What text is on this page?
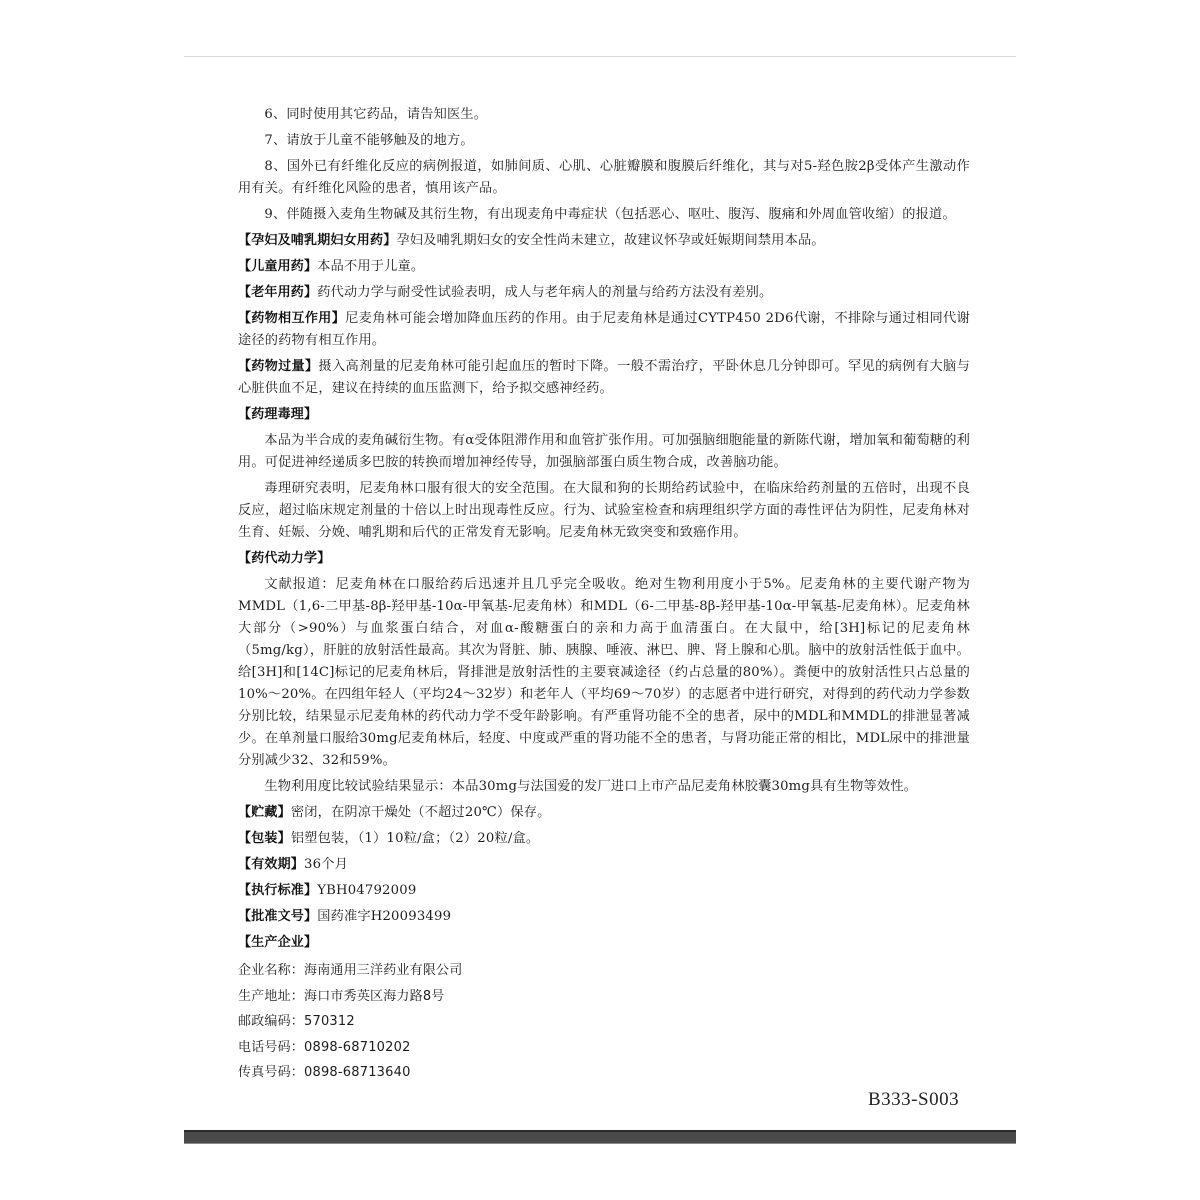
6、同时使用其它药品，请告知医生。

7、请放于儿童不能够触及的地方。

8、国外已有纤维化反应的病例报道，如肺间质、心肌、心脏瓣膜和腹膜后纤维化，其与对5-羟色胺2β受体产生激动作用有关。有纤维化风险的患者，慎用该产品。

9、伴随摄入麦角生物碱及其衍生物，有出现麦角中毒症状（包括恶心、呕吐、腹泻、腹痛和外周血管收缩）的报道。

【孕妇及哺乳期妇女用药】孕妇及哺乳期妇女的安全性尚未建立，故建议怀孕或妊娠期间禁用本品。

【儿童用药】本品不用于儿童。

【老年用药】药代动力学与耐受性试验表明，成人与老年病人的剂量与给药方法没有差别。

【药物相互作用】尼麦角林可能会增加降血压药的作用。由于尼麦角林是通过CYTP450 2D6代谢，不排除与通过相同代谢途径的药物有相互作用。

【药物过量】摄入高剂量的尼麦角林可能引起血压的暂时下降。一般不需治疗，平卧休息几分钟即可。罕见的病例有大脑与心脏供血不足，建议在持续的血压监测下，给予拟交感神经药。

【药理毒理】

本品为半合成的麦角碱衍生物。有α受体阻滞作用和血管扩张作用。可加强脑细胞能量的新陈代谢，增加氧和葡萄糖的利用。可促进神经递质多巴胺的转换而增加神经传导，加强脑部蛋白质生物合成，改善脑功能。

毒理研究表明，尼麦角林口服有很大的安全范围。在大鼠和狗的长期给药试验中，在临床给药剂量的五倍时，出现不良反应，超过临床规定剂量的十倍以上时出现毒性反应。行为、试验室检查和病理组织学方面的毒性评估为阴性，尼麦角林对生育、妊娠、分娩、哺乳期和后代的正常发育无影响。尼麦角林无致突变和致癌作用。

【药代动力学】

文献报道：尼麦角林在口服给药后迅速并且几乎完全吸收。绝对生物利用度小于5%。尼麦角林的主要代谢产物为MMDL（1,6-二甲基-8β-羟甲基-10α-甲氧基-尼麦角林）和MDL（6-二甲基-8β-羟甲基-10α-甲氧基-尼麦角林）。尼麦角林大部分（>90%）与血浆蛋白结合，对血α-酸糖蛋白的亲和力高于血清蛋白。在大鼠中，给[3H]标记的尼麦角林（5mg/kg），肝脏的放射活性最高。其次为肾脏、肺、胰腺、唾液、淋巴、脾、肾上腺和心肌。脑中的放射活性低于血中。给[3H]和[14C]标记的尼麦角林后，肾排泄是放射活性的主要衰减途径（约占总量的80%）。粪便中的放射活性只占总量的10%～20%。在四组年轻人（平均24～32岁）和老年人（平均69～70岁）的志愿者中进行研究，对得到的药代动力学参数分别比较，结果显示尼麦角林的药代动力学不受年龄影响。有严重肾功能不全的患者，尿中的MDL和MMDL的排泄显著减少。在单剂量口服给30mg尼麦角林后，轻度、中度或严重的肾功能不全的患者，与肾功能正常的相比，MDL尿中的排泄量分别减少32、32和59%。

生物利用度比较试验结果显示：本品30mg与法国爱的发厂进口上市产品尼麦角林胶囊30mg具有生物等效性。

【贮藏】密闭，在阴凉干燥处（不超过20℃）保存。

【包装】铝塑包装，（1）10粒/盒；（2）20粒/盒。

【有效期】36个月

【执行标准】YBH04792009

【批准文号】国药准字H20093499

【生产企业】

企业名称：海南通用三洋药业有限公司
生产地址：海口市秀英区海力路8号
邮政编码：570312
电话号码：0898-68710202
传真号码：0898-68713640
B333-S003
